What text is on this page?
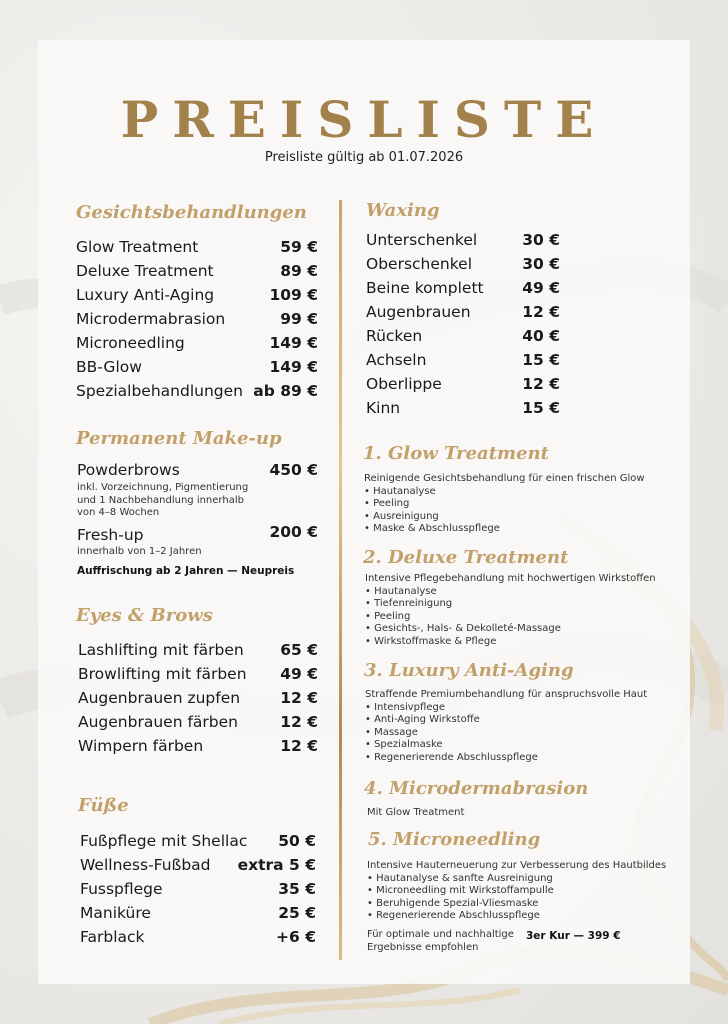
PREISLISTE
Preisliste gültig ab 01.07.2026
Gesichtsbehandlungen
Glow Treatment	59 €
Deluxe Treatment	89 €
Luxury Anti-Aging	109 €
Microdermabrasion	99 €
Microneedling	149 €
BB-Glow	149 €
Spezialbehandlungen ab 89 €
Permanent Make-up
Powderbrows	450 €
inkl. Vorzeichnung, Pigmentierung und 1 Nachbehandlung innerhalb von 4–8 Wochen
Fresh-up	200 €
innerhalb von 1–2 Jahren
Auffrischung ab 2 Jahren — Neupreis
Eyes & Brows
Lashlifting mit färben 65 €
Browlifting mit färben 49 €
Augenbrauen zupfen	12 €
Augenbrauen färben	12 €
Wimpern färben	12 €
Füße
Fußpflege mit Shellac 50 €
Wellness-Fußbad extra 5 €
Fusspflege	35 €
Maniküre	25 €
Farblack	+6 €
Waxing
Unterschenkel	30 €
Oberschenkel	30 €
Beine komplett 49 €
Augenbrauen	12 €
Rücken	40 €
Achseln	15 €
Oberlippe	12 €
Kinn	15 €
1. Glow Treatment
Reinigende Gesichtsbehandlung für einen frischen Glow
• Hautanalyse
• Peeling
• Ausreinigung
• Maske & Abschlusspflege
2. Deluxe Treatment
Intensive Pflegebehandlung mit hochwertigen Wirkstoffen
• Hautanalyse
• Tiefenreinigung
• Peeling
• Gesichts-, Hals- & Dekolleté-Massage
• Wirkstoffmaske & Pflege
3. Luxury Anti-Aging
Straffende Premiumbehandlung für anspruchsvolle Haut
• Intensivpflege
• Anti-Aging Wirkstoffe
• Massage
• Spezialmaske
• Regenerierende Abschlusspflege
4. Microdermabrasion
Mit Glow Treatment
5. Microneedling
Intensive Hauterneuerung zur Verbesserung des Hautbildes
• Hautanalyse & sanfte Ausreinigung
• Microneedling mit Wirkstoffampulle
• Beruhigende Spezial-Vliesmaske
• Regenerierende Abschlusspflege
Für optimale und nachhaltige Ergebnisse empfohlen
3er Kur — 399 €
